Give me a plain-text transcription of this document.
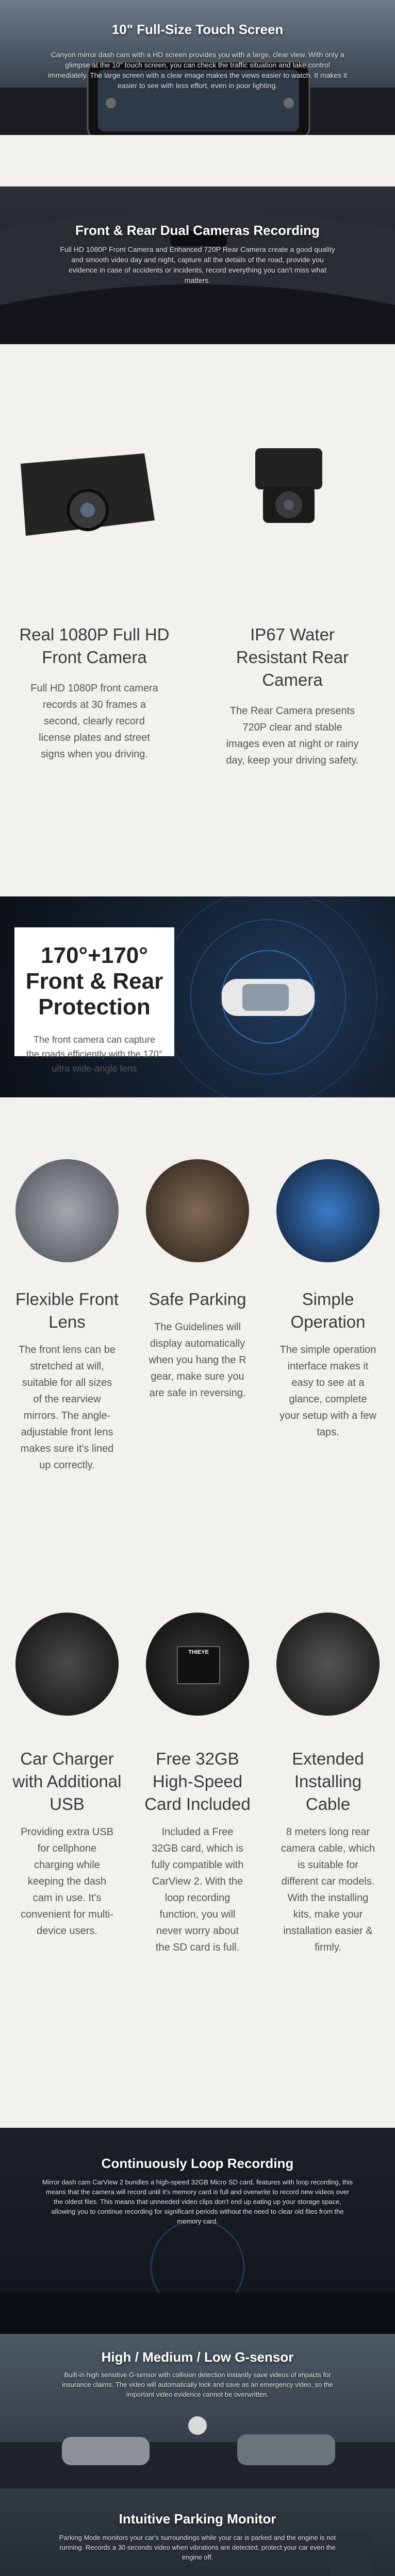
10" Full-Size Touch Screen
Canyon mirror dash cam with a HD screen provides you with a large, clear view. With only a glimpse at the 10" touch screen, you can check the traffic situation and take control immediately. The large screen with a clear image makes the views easier to watch. It makes it easier to see with less effort, even in poor lighting.
Front & Rear Dual Cameras Recording
Full HD 1080P Front Camera and Enhanced 720P Rear Camera create a good quality and smooth video day and night, capture all the details of the road, provide you evidence in case of accidents or incidents, record everything you can't miss what matters.
Real 1080P Full HD Front Camera
Full HD 1080P front camera records at 30 frames a second, clearly record license plates and street signs when you driving.
IP67 Water Resistant Rear Camera
The Rear Camera presents 720P clear and stable images even at night or rainy day, keep your driving safety.
170°+170° Front & Rear Protection
The front camera can capture the roads efficiently with the 170° ultra wide-angle lens
Flexible Front Lens
The front lens can be stretched at will, suitable for all sizes of the rearview mirrors. The angle-adjustable front lens makes sure it's lined up correctly.
Safe Parking
The Guidelines will display automatically when you hang the R gear, make sure you are safe in reversing.
Simple Operation
The simple operation interface makes it easy to see at a glance, complete your setup with a few taps.
THIEYE
Car Charger with Additional USB
Providing extra USB for cellphone charging while keeping the dash cam in use. It's convenient for multi-device users.
Free 32GB High-Speed Card Included
Included a Free 32GB card, which is fully compatible with CarView 2. With the loop recording function, you will never worry about the SD card is full.
Extended Installing Cable
8 meters long rear camera cable, which is suitable for different car models. With the installing kits, make your installation easier & firmly.
Continuously Loop Recording
Mirror dash cam CarView 2 bundles a high-speed 32GB Micro SD card, features with loop recording, this means that the camera will record until it's memory card is full and overwrite to record new videos over the oldest files. This means that unneeded video clips don't end up eating up your storage space, allowing you to continue recording for significant periods without the need to clear old files from the memory card.
High / Medium / Low G-sensor
Built-in high sensitive G-sensor with collision detection instantly save videos of impacts for insurance claims. The video will automatically lock and save as an emergency video, so the important video evidence cannot be overwritten.
Intuitive Parking Monitor
Parking Mode monitors your car's surroundings while your car is parked and the engine is not running. Records a 30 seconds video when vibrations are detected, protect your car even the engine off.
